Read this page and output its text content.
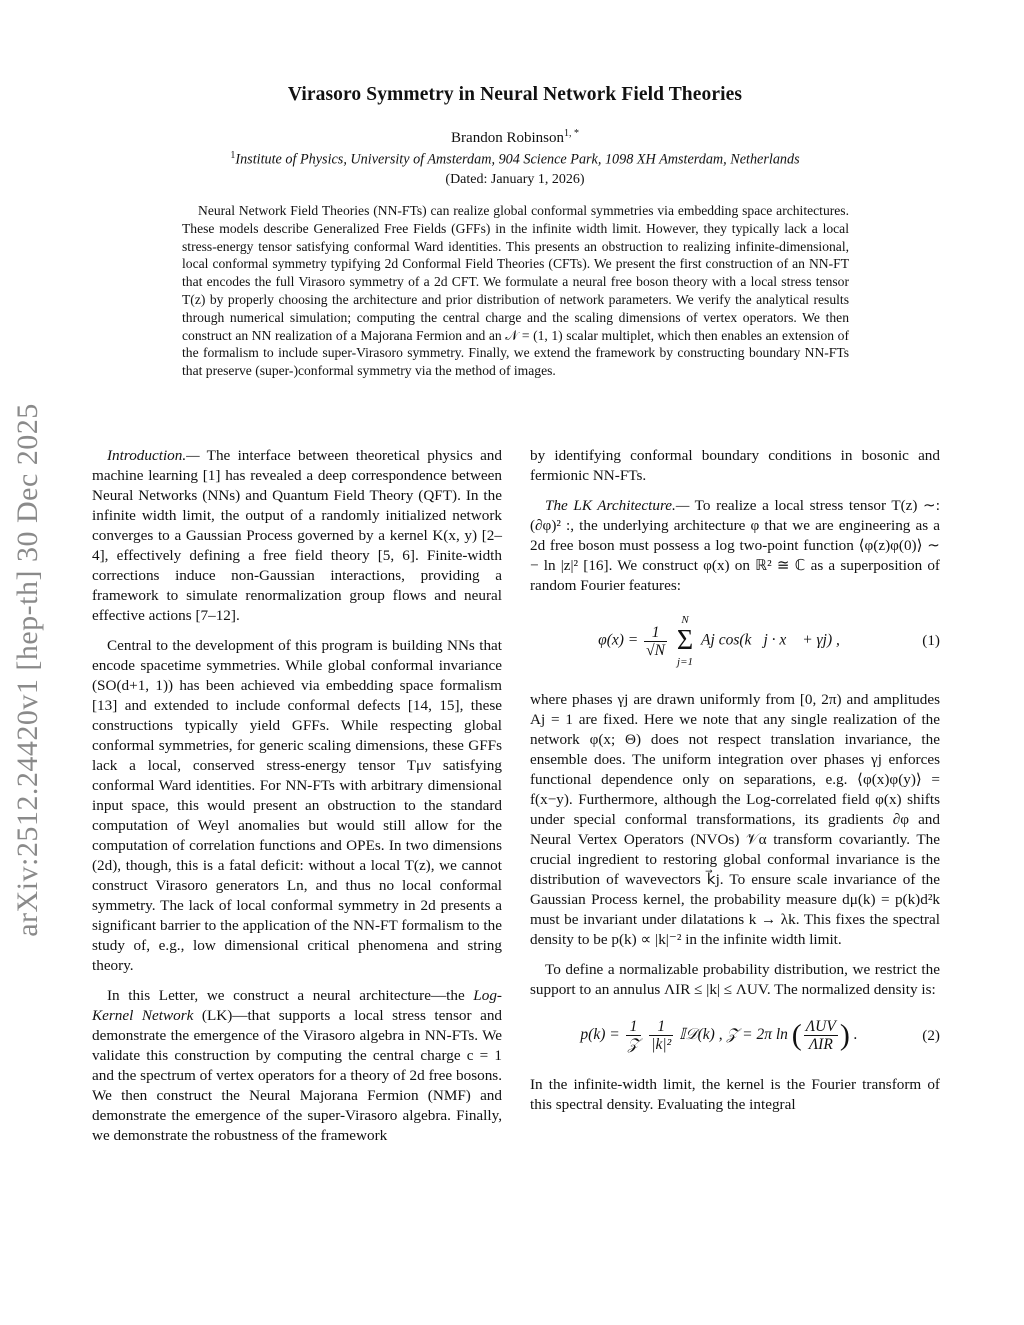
arXiv:2512.24420v1 [hep-th] 30 Dec 2025
Virasoro Symmetry in Neural Network Field Theories
Brandon Robinson$^{1, *}$
$^1$Institute of Physics, University of Amsterdam, 904 Science Park, 1098 XH Amsterdam, Netherlands
(Dated: January 1, 2026)

Neural Network Field Theories (NN-FTs) can realize global conformal symmetries via embedding space architectures. These models describe Generalized Free Fields (GFFs) in the infinite width limit. However, they typically lack a local stress-energy tensor satisfying conformal Ward identities. This presents an obstruction to realizing infinite-dimensional, local conformal symmetry typifying 2d Conformal Field Theories (CFTs). We present the first construction of an NN-FT that encodes the full Virasoro symmetry of a 2d CFT. We formulate a neural free boson theory with a local stress tensor T(z) by properly choosing the architecture and prior distribution of network parameters. We verify the analytical results through numerical simulation; computing the central charge and the scaling dimensions of vertex operators. We then construct an NN realization of a Majorana Fermion and an 𝒩 = (1, 1) scalar multiplet, which then enables an extension of the formalism to include super-Virasoro symmetry. Finally, we extend the framework by constructing boundary NN-FTs that preserve (super-)conformal symmetry via the method of images.

Introduction.— The interface between theoretical physics and machine learning [1] has revealed a deep correspondence between Neural Networks (NNs) and Quantum Field Theory (QFT). In the infinite width limit, the output of a randomly initialized network converges to a Gaussian Process governed by a kernel K(x, y) [2–4], effectively defining a free field theory [5, 6]. Finite-width corrections induce non-Gaussian interactions, providing a framework to simulate renormalization group flows and neural effective actions [7–12].

Central to the development of this program is building NNs that encode spacetime symmetries. While global conformal invariance (SO(d+1, 1)) has been achieved via embedding space formalism [13] and extended to include conformal defects [14, 15], these constructions typically yield GFFs. While respecting global conformal symmetries, for generic scaling dimensions, these GFFs lack a local, conserved stress-energy tensor Tμν satisfying conformal Ward identities. For NN-FTs with arbitrary dimensional input space, this would present an obstruction to the standard computation of Weyl anomalies but would still allow for the computation of correlation functions and OPEs. In two dimensions (2d), though, this is a fatal deficit: without a local T(z), we cannot construct Virasoro generators Ln, and thus no local conformal symmetry. The lack of local conformal symmetry in 2d presents a significant barrier to the application of the NN-FT formalism to the study of, e.g., low dimensional critical phenomena and string theory.

In this Letter, we construct a neural architecture—the Log-Kernel Network (LK)—that supports a local stress tensor and demonstrate the emergence of the Virasoro algebra in NN-FTs. We validate this construction by computing the central charge c = 1 and the spectrum of vertex operators for a theory of 2d free bosons. We then construct the Neural Majorana Fermion (NMF) and demonstrate the emergence of the super-Virasoro algebra. Finally, we demonstrate the robustness of the framework

by identifying conformal boundary conditions in bosonic and fermionic NN-FTs.

The LK Architecture.— To realize a local stress tensor T(z) ∼: (∂φ)² :, the underlying architecture φ that we are engineering as a 2d free boson must possess a log two-point function ⟨φ(z)φ(0)⟩ ∼ − ln |z|² [16]. We construct φ(x) on ℝ² ≅ ℂ as a superposition of random Fourier features:

$\varphi(x) = \frac{1}{√N}$

N
Σ
j=1
Aj cos(k⃗j · x⃗ + γj) ,	(1)

where phases γj are drawn uniformly from [0, 2π) and amplitudes Aj = 1 are fixed. Here we note that any single realization of the network φ(x; Θ) does not respect translation invariance, the ensemble does. The uniform integration over phases γj enforces functional dependence only on separations, e.g. ⟨φ(x)φ(y)⟩ = f(x−y). Furthermore, although the Log-correlated field φ(x) shifts under special conformal transformations, its gradients ∂φ and Neural Vertex Operators (NVOs) 𝒱α transform covariantly. The crucial ingredient to restoring global conformal invariance is the distribution of wavevectors k⃗j. To ensure scale invariance of the Gaussian Process kernel, the probability measure dμ(k) = p(k)d²k must be invariant under dilatations k → λk. This fixes the spectral density to be p(k) ∝ |k|⁻² in the infinite width limit.

To define a normalizable probability distribution, we restrict the support to an annulus ΛIR ≤ |k| ≤ ΛUV. The normalized density is:

$p(k) = \frac{1}{\text{𝒵}}$
$\frac{1}{\text{|k|²}}$ 𝕀𝒟(k) , 𝒵 = 2π ln ( $\frac{\text{ΛUV}}{\text{ΛIR}}$ ) .	(2)

In the infinite-width limit, the kernel is the Fourier transform of this spectral density. Evaluating the integral
